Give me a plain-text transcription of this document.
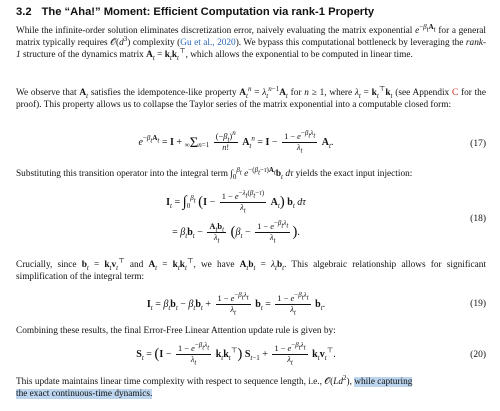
3.2 The “Aha!” Moment: Efficient Computation via rank-1 Property
While the infinite-order solution eliminates discretization error, naively evaluating the matrix exponential $e^{-\beta_tA_t}$ for a general matrix typically requires $𝒪(d^3)$ complexity (Gu et al., 2020). We bypass this computational bottleneck by leveraging the rank-1 structure of the dynamics matrix $A_t = k_tk_t^⊤$, which allows the exponential to be computed in linear time.
We observe that $A_t$ satisfies the idempotence-like property $A_t^n = \lambda_t^{n-1}A_t$ for n ≥ 1, where $\lambda_t = k_t^⊤k_t$ (see Appendix C for the proof). This property allows us to collapse the Taylor series of the matrix exponential into a computable closed form:
$e^{-\beta_tA_t} = I + \infty\Sigma n=1 \frac{(-\beta_t)^n}{n!} A_t^n = I - \frac{1 - e^{-\beta_t\lambda_t}}{\lambda_t} A_t$.	(17)
Substituting this transition operator into the integral term $\int_0^{\beta_t}$ $e^{-(\beta_t-\tau)A_t}b_t$ dτ yields the exact input injection:
$I_t = \int_0^{\beta_t}$ $(I - \frac{1 - e^{-\lambda_t(\beta_t-\tau)}}{\lambda_t} A_t)$ $b_t$ dτ
= $\beta_tb_t - \frac{A_tb_t}{\lambda_t} (\beta_t - \frac{1 - e^{-\beta_t\lambda_t}}{\lambda_t}$ ).
(18)
Crucially, since $b_t = k_tv_t^⊤$ and $A_t = k_tk_t^⊤$, we have $A_tb_t = \lambda_tb_t$. This algebraic relationship allows for significant simplification of the integral term:
$I_t = \beta_tb_t - \beta_tb_t + \frac{1 - e^{-\beta_t\lambda_t}}{\lambda_t} b_t = \frac{1 - e^{-\beta_t\lambda_t}}{\lambda_t} b_t$.	(19)
Combining these results, the final Error-Free Linear Attention update rule is given by:
$S_t = (I - \frac{1 - e^{-\beta_t\lambda_t}}{\lambda_t} k_tk_t^⊤) S_{t-1} + \frac{1 - e^{-\beta_t\lambda_t}}{\lambda_t} k_tv_t^⊤$.	(20)
This update maintains linear time complexity with respect to sequence length, i.e., 𝒪(Ld$^2$), while capturing
the exact continuous-time dynamics.
